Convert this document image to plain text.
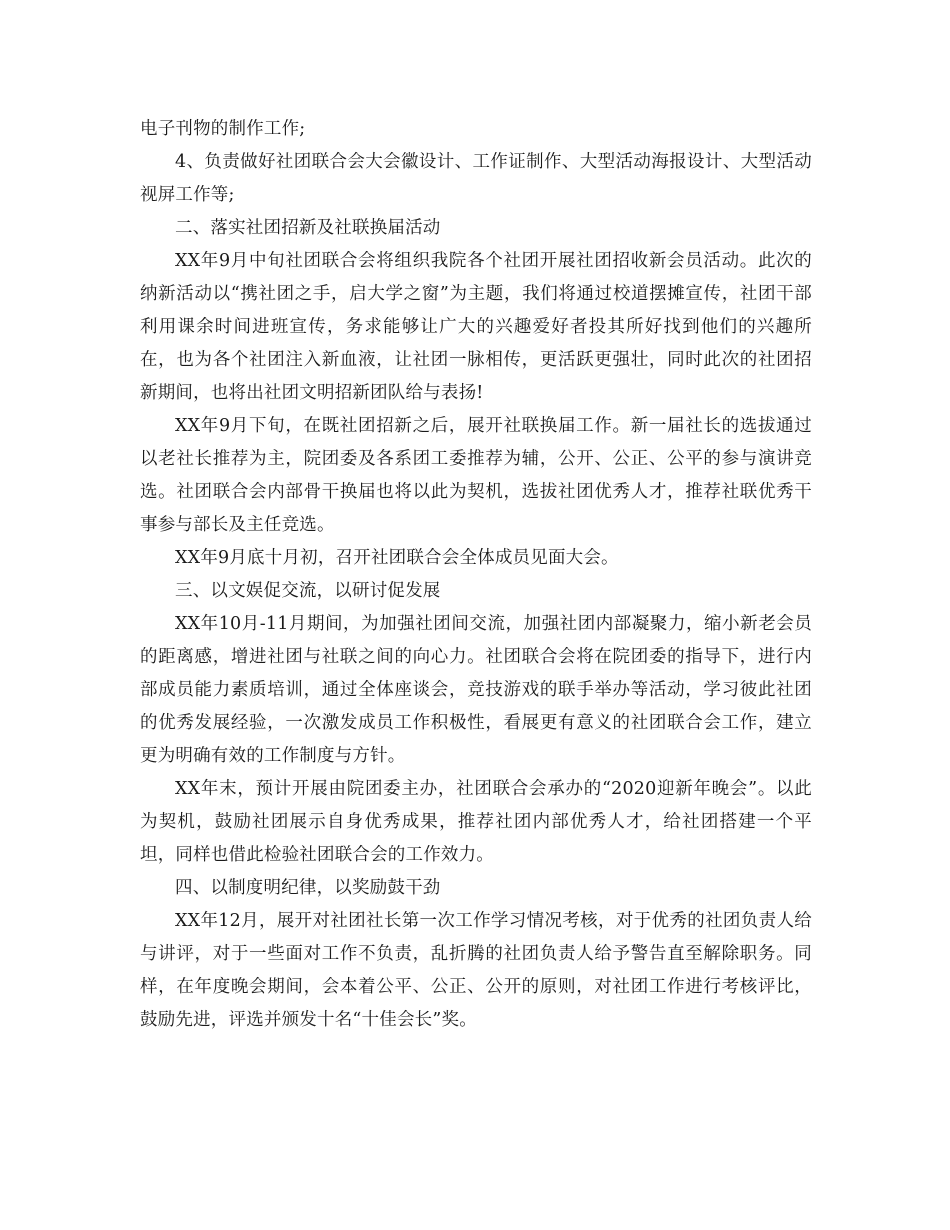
电子刊物的制作工作;

4、负责做好社团联合会大会徽设计、工作证制作、大型活动海报设计、大型活动视屏工作等;

二、落实社团招新及社联换届活动

XX年9月中旬社团联合会将组织我院各个社团开展社团招收新会员活动。此次的纳新活动以“携社团之手，启大学之窗”为主题，我们将通过校道摆摊宣传，社团干部利用课余时间进班宣传，务求能够让广大的兴趣爱好者投其所好找到他们的兴趣所在，也为各个社团注入新血液，让社团一脉相传，更活跃更强壮，同时此次的社团招新期间，也将出社团文明招新团队给与表扬!

XX年9月下旬，在既社团招新之后，展开社联换届工作。新一届社长的选拔通过以老社长推荐为主，院团委及各系团工委推荐为辅，公开、公正、公平的参与演讲竞选。社团联合会内部骨干换届也将以此为契机，选拔社团优秀人才，推荐社联优秀干事参与部长及主任竞选。

XX年9月底十月初，召开社团联合会全体成员见面大会。

三、以文娱促交流，以研讨促发展

XX年10月-11月期间，为加强社团间交流，加强社团内部凝聚力，缩小新老会员的距离感，增进社团与社联之间的向心力。社团联合会将在院团委的指导下，进行内部成员能力素质培训，通过全体座谈会，竞技游戏的联手举办等活动，学习彼此社团的优秀发展经验，一次激发成员工作积极性，看展更有意义的社团联合会工作，建立更为明确有效的工作制度与方针。

XX年末，预计开展由院团委主办，社团联合会承办的“2020迎新年晚会”。以此为契机，鼓励社团展示自身优秀成果，推荐社团内部优秀人才，给社团搭建一个平坦，同样也借此检验社团联合会的工作效力。

四、以制度明纪律，以奖励鼓干劲

XX年12月，展开对社团社长第一次工作学习情况考核，对于优秀的社团负责人给与讲评，对于一些面对工作不负责，乱折腾的社团负责人给予警告直至解除职务。同样，在年度晚会期间，会本着公平、公正、公开的原则，对社团工作进行考核评比，鼓励先进，评选并颁发十名“十佳会长”奖。
